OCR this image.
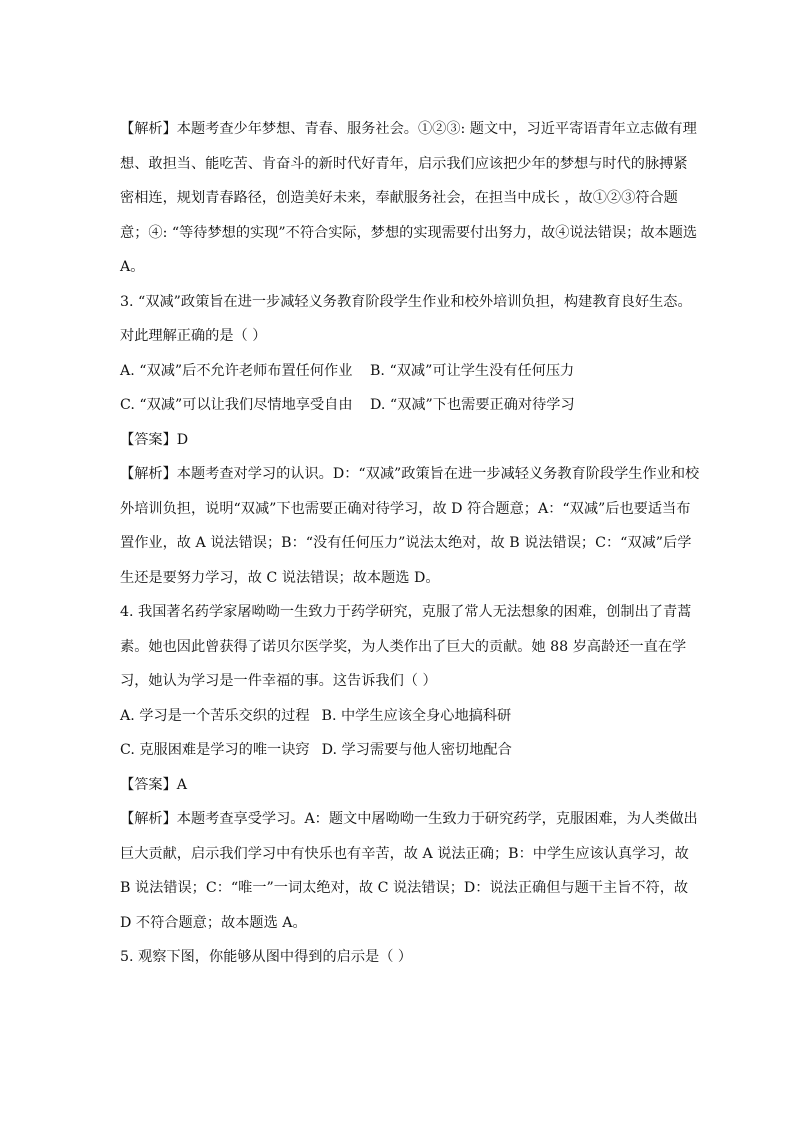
【解析】本题考查少年梦想、青春、服务社会。①②③: 题文中，习近平寄语青年立志做有理想、敢担当、能吃苦、肯奋斗的新时代好青年，启示我们应该把少年的梦想与时代的脉搏紧密相连，规划青春路径，创造美好未来，奉献服务社会，在担当中成长 ，故①②③符合题意；④: “等待梦想的实现”不符合实际，梦想的实现需要付出努力，故④说法错误；故本题选 A。

3. “双减”政策旨在进一步减轻义务教育阶段学生作业和校外培训负担，构建教育良好生态。对此理解正确的是（ ）

A. “双减”后不允许老师布置任何作业	B. “双减”可让学生没有任何压力
C. “双减”可以让我们尽情地享受自由	D. “双减”下也需要正确对待学习

【答案】D

【解析】本题考查对学习的认识。D：“双减”政策旨在进一步减轻义务教育阶段学生作业和校外培训负担，说明“双减”下也需要正确对待学习，故 D 符合题意；A：“双减”后也要适当布置作业，故 A 说法错误；B：“没有任何压力”说法太绝对，故 B 说法错误；C：“双减”后学生还是要努力学习，故 C 说法错误；故本题选 D。

4. 我国著名药学家屠呦呦一生致力于药学研究，克服了常人无法想象的困难，创制出了青蒿素。她也因此曾获得了诺贝尔医学奖，为人类作出了巨大的贡献。她 88 岁高龄还一直在学习，她认为学习是一件幸福的事。这告诉我们（ ）

A. 学习是一个苦乐交织的过程 B. 中学生应该全身心地搞科研
C. 克服困难是学习的唯一诀窍 D. 学习需要与他人密切地配合

【答案】A

【解析】本题考查享受学习。A：题文中屠呦呦一生致力于研究药学，克服困难，为人类做出巨大贡献，启示我们学习中有快乐也有辛苦，故 A 说法正确；B：中学生应该认真学习，故 B 说法错误；C：“唯一”一词太绝对，故 C 说法错误；D：说法正确但与题干主旨不符，故 D 不符合题意；故本题选 A。

5. 观察下图，你能够从图中得到的启示是（ ）
